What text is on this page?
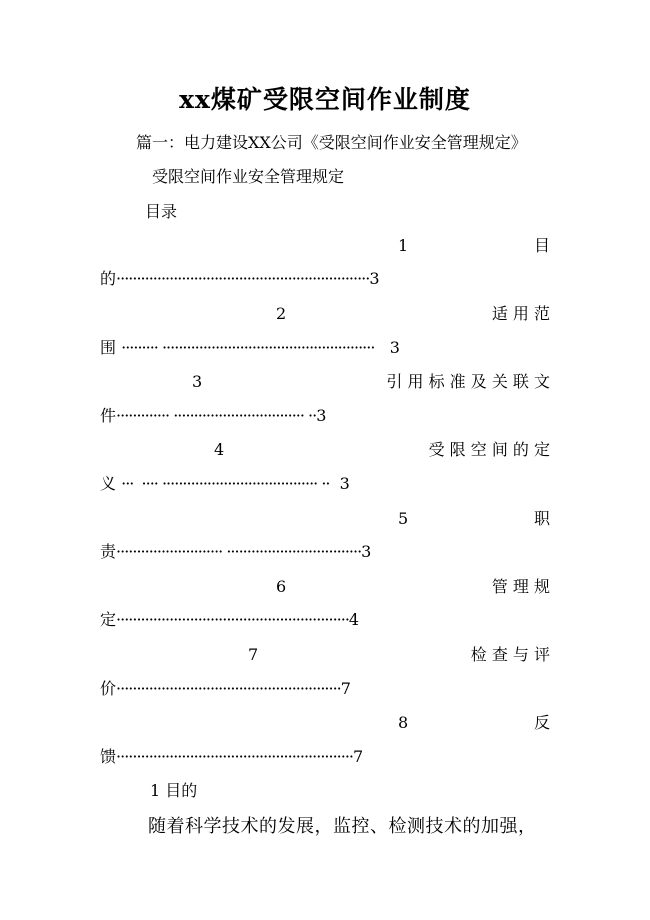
xx煤矿受限空间作业制度
篇一：电力建设XX公司《受限空间作业安全管理规定》
受限空间作业安全管理规定
目录
1	目
的······························································3
2	适 用 范
围 ········· ···················································· 3
3	引 用 标 准 及 关 联 文
件············· ································ ··3
4	受 限 空 间 的 定
义 ···  ···· ······································ ·· 3
5	职
责·························· ·································3
6	管 理 规
定·························································4
7	检 查 与 评
价·······················································7
8	反
馈··························································7
1 目的
随着科学技术的发展，监控、检测技术的加强，
